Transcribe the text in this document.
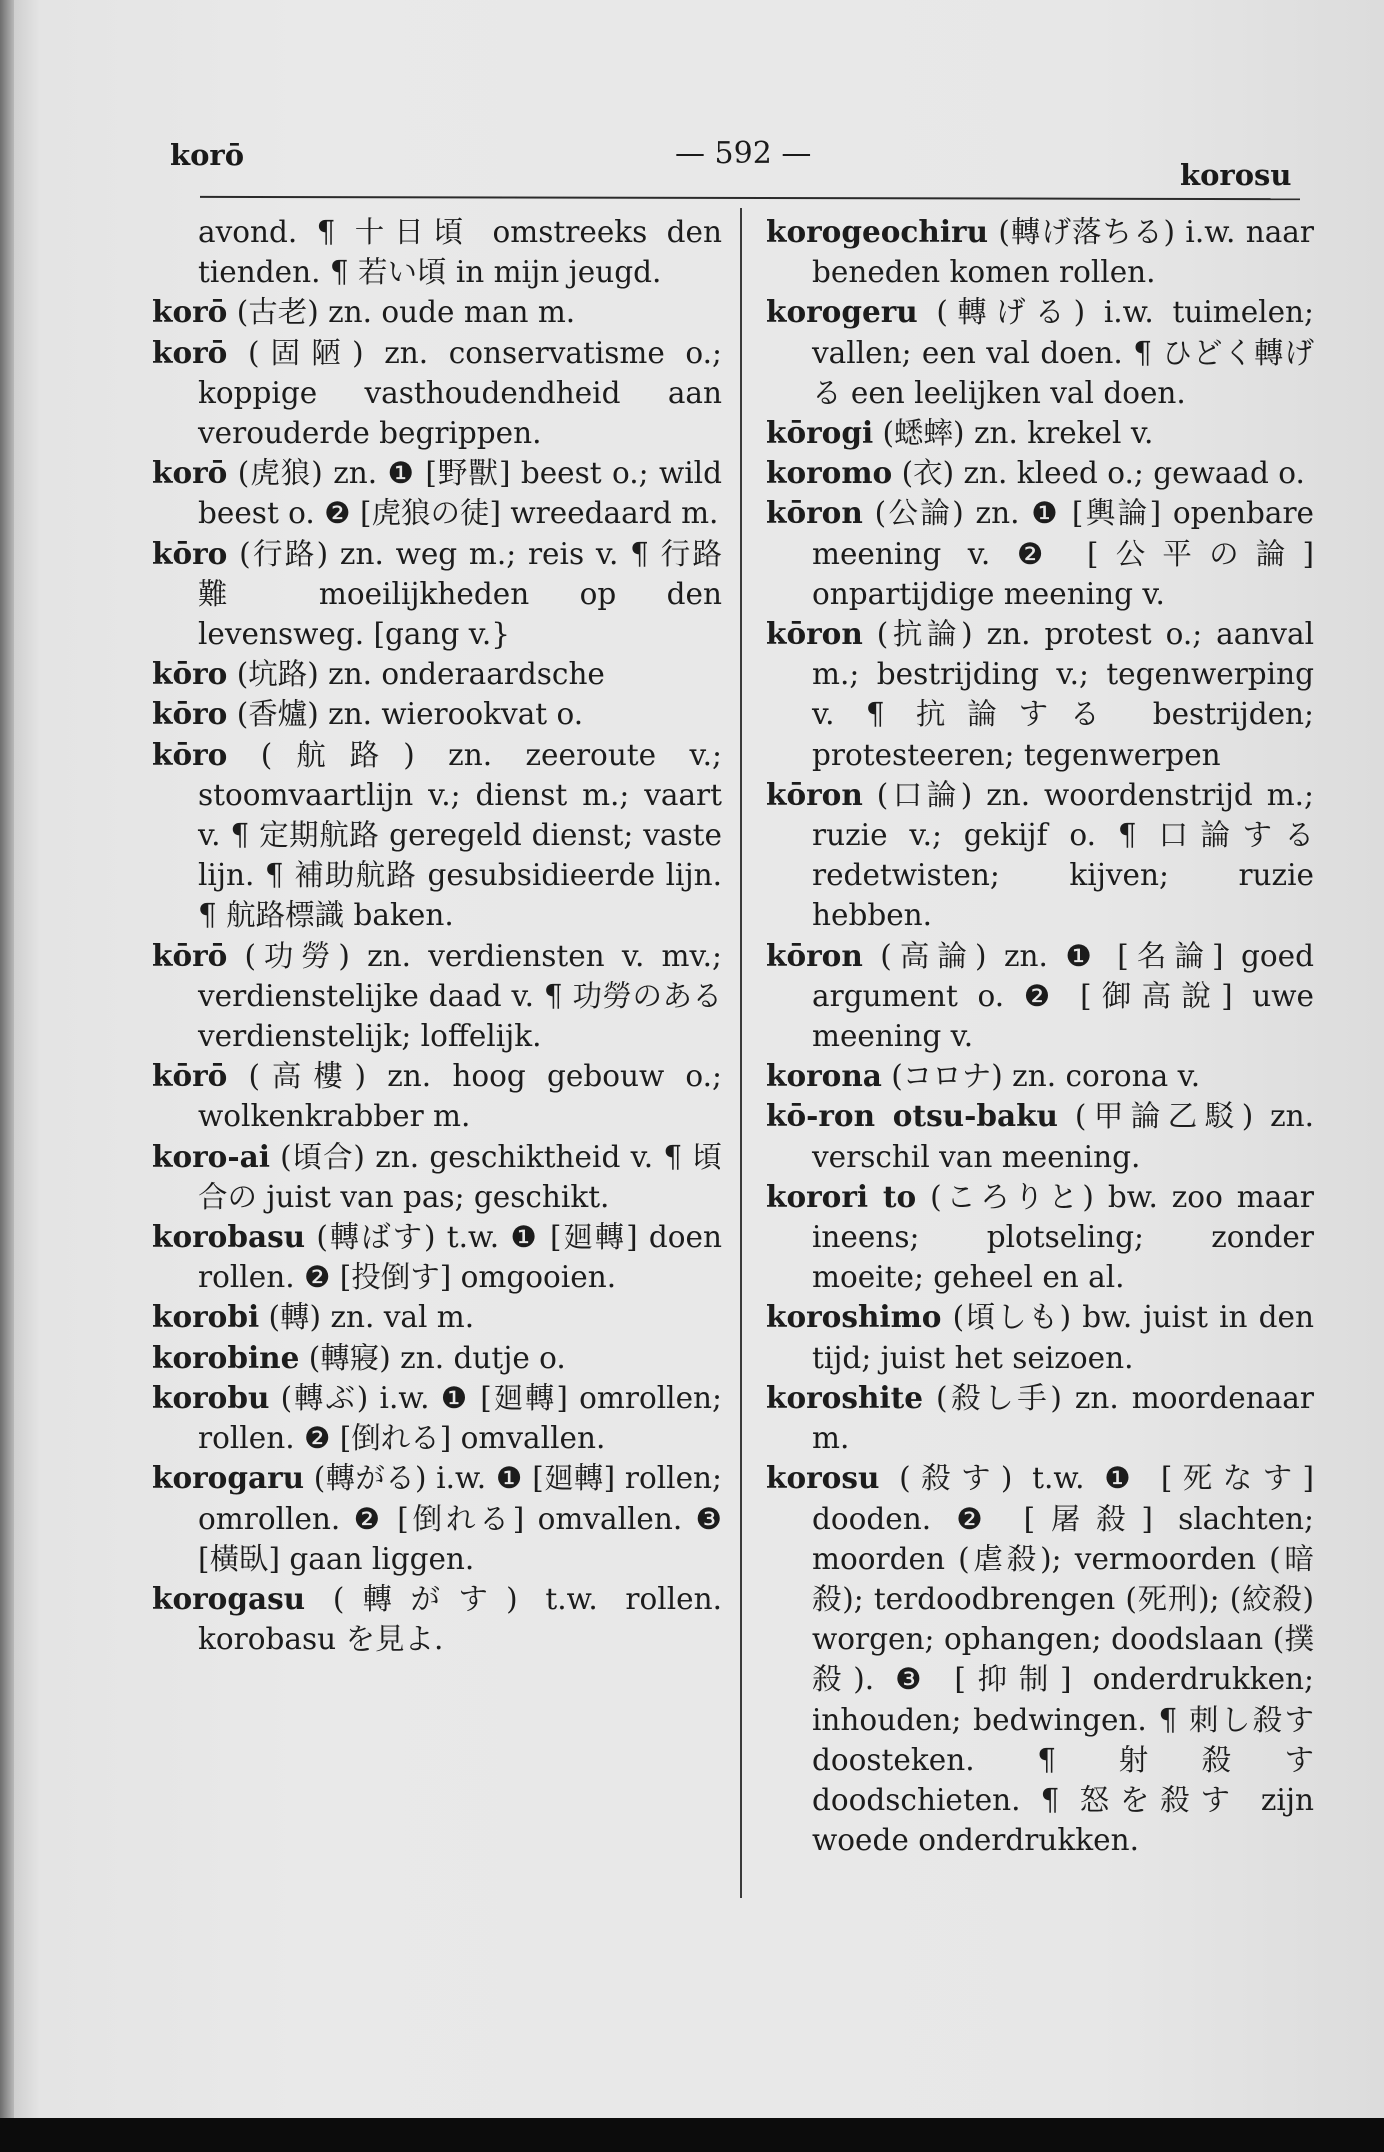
korō	— 592 —
korosu

avond. ¶ 十日頃 omstreeks den tienden. ¶ 若い頃 in mijn jeugd.

korō (古老) zn. oude man m.

korō (固陋) zn. conservatisme o.; koppige vasthoudendheid aan verouderde begrippen.

korō (虎狼) zn. ❶ [野獸] beest o.; wild beest o. ❷ [虎狼の徒] wreedaard m.

kōro (行路) zn. weg m.; reis v. ¶ 行路難 moeilijkheden op den levensweg. [gang v.}

kōro (坑路) zn. onderaardsche

kōro (香爐) zn. wierookvat o.

kōro (航路) zn. zeeroute v.; stoomvaartlijn v.; dienst m.; vaart v. ¶ 定期航路 geregeld dienst; vaste lijn. ¶ 補助航路 gesubsidieerde lijn. ¶ 航路標識 baken.

kōrō (功勞) zn. verdiensten v. mv.; verdienstelijke daad v. ¶ 功勞のある verdienstelijk; loffelijk.

kōrō (高樓) zn. hoog gebouw o.; wolkenkrabber m.

koro-ai (頃合) zn. geschiktheid v. ¶ 頃合の juist van pas; geschikt.

korobasu (轉ばす) t.w. ❶ [廻轉] doen rollen. ❷ [投倒す] omgooien.

korobi (轉) zn. val m.

korobine (轉寢) zn. dutje o.

korobu (轉ぶ) i.w. ❶ [廻轉] omrollen; rollen. ❷ [倒れる] omvallen.

korogaru (轉がる) i.w. ❶ [廻轉] rollen; omrollen. ❷ [倒れる] omvallen. ❸ [橫臥] gaan liggen.

korogasu (轉がす) t.w. rollen. korobasu を見よ.

korogeochiru (轉げ落ちる) i.w. naar beneden komen rollen.

korogeru (轉げる) i.w. tuimelen; vallen; een val doen. ¶ ひどく轉げる een leelijken val doen.

kōrogi (蟋蟀) zn. krekel v.

koromo (衣) zn. kleed o.; gewaad o.

kōron (公論) zn. ❶ [輿論] openbare meening v. ❷ [公平の論] onpartijdige meening v.

kōron (抗論) zn. protest o.; aanval m.; bestrijding v.; tegenwerping v. ¶ 抗論する bestrijden; protesteeren; tegenwerpen

kōron (口論) zn. woordenstrijd m.; ruzie v.; gekijf o. ¶ 口論する redetwisten; kijven; ruzie hebben.

kōron (高論) zn. ❶ [名論] goed argument o. ❷ [御高說] uwe meening v.

korona (コロナ) zn. corona v.

kō-ron otsu-baku (甲論乙駁) zn. verschil van meening.

korori to (ころりと) bw. zoo maar ineens; plotseling; zonder moeite; geheel en al.

koroshimo (頃しも) bw. juist in den tijd; juist het seizoen.

koroshite (殺し手) zn. moordenaar m.

korosu (殺す) t.w. ❶ [死なす] dooden. ❷ [屠殺] slachten; moorden (虐殺); vermoorden (暗殺); terdoodbrengen (死刑); (絞殺) worgen; ophangen; doodslaan (撲殺). ❸ [抑制] onderdrukken; inhouden; bedwingen. ¶ 刺し殺す doosteken. ¶ 射殺す doodschieten. ¶ 怒を殺す zijn woede onderdrukken.
